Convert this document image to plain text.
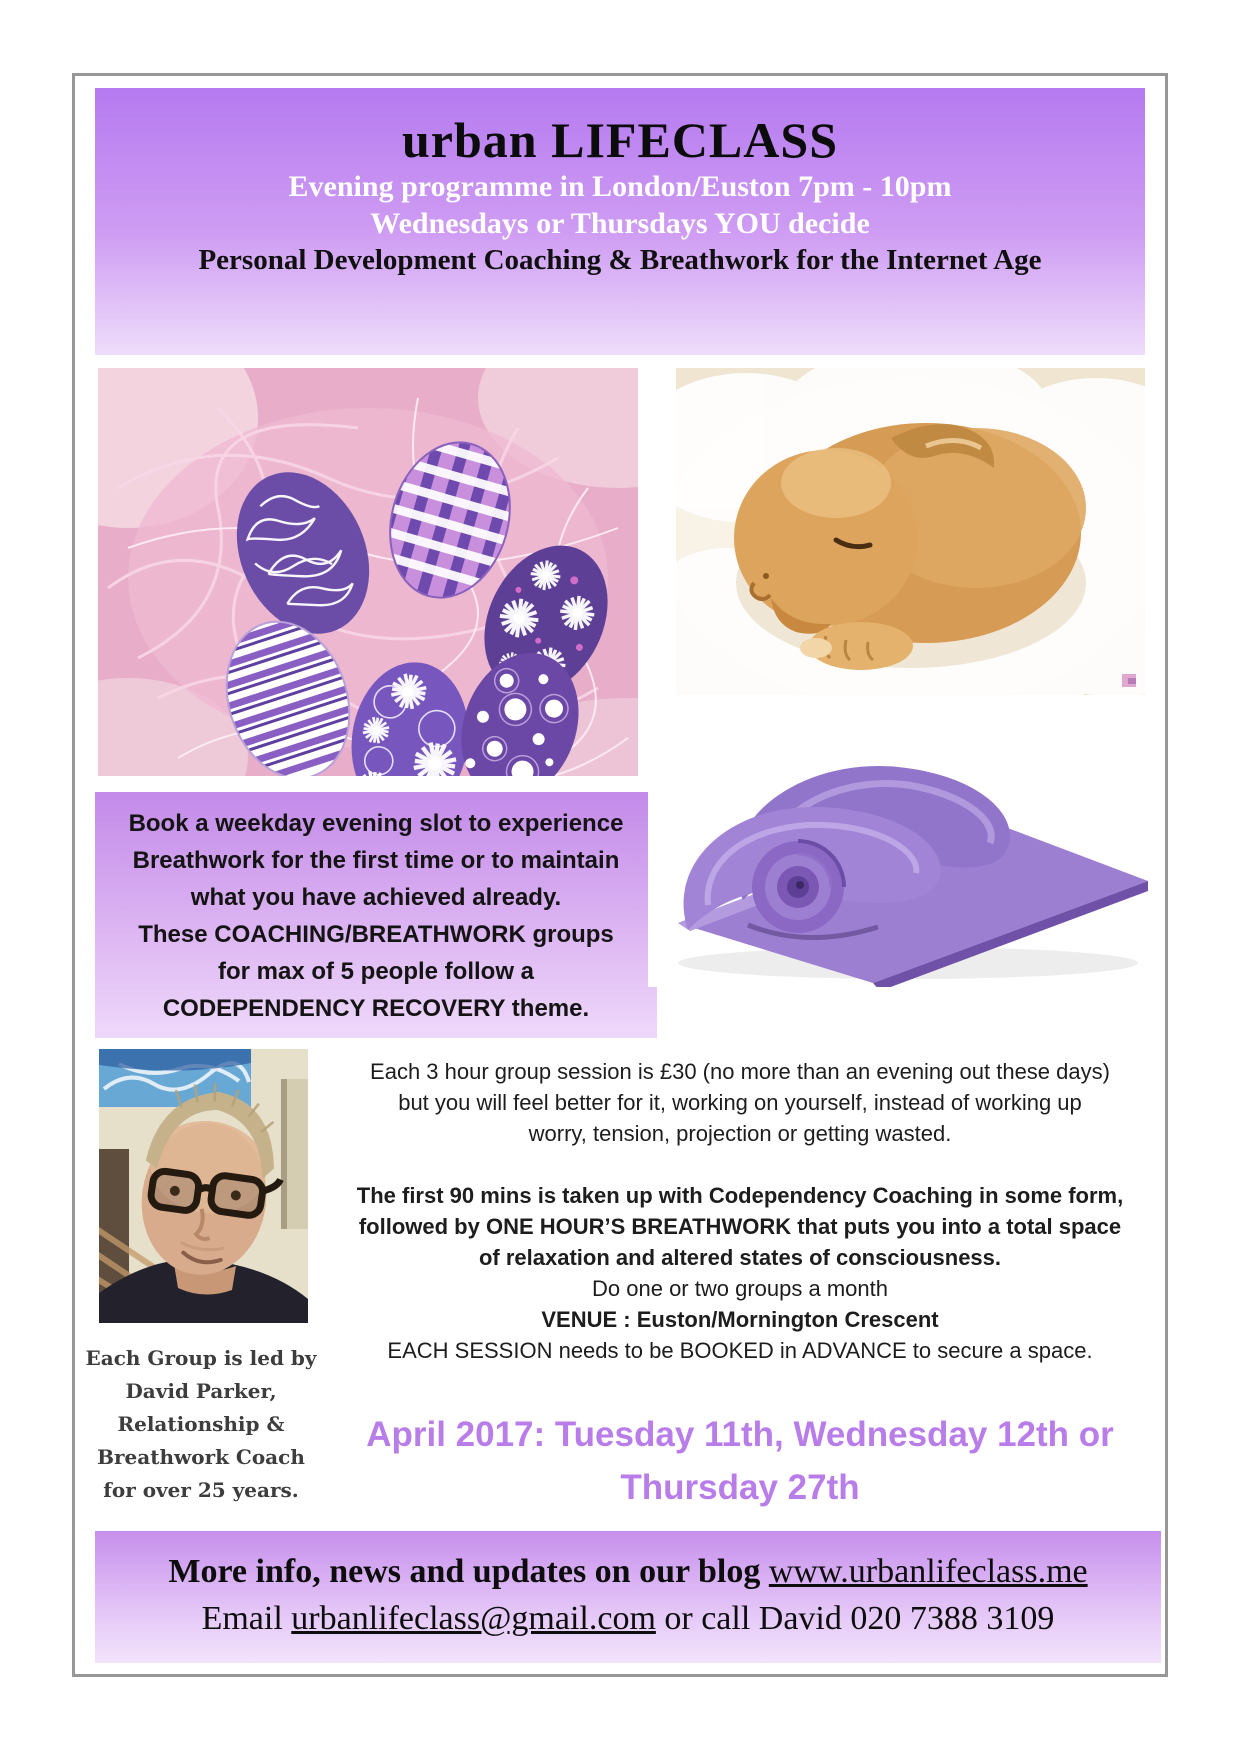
urban LIFECLASS
Evening programme in London/Euston 7pm - 10pm
Wednesdays or Thursdays YOU decide
Personal Development Coaching & Breathwork for the Internet Age
Book a weekday evening slot to experience
Breathwork for the first time or to maintain
what you have achieved already.
These COACHING/BREATHWORK groups
for max of 5 people follow a
CODEPENDENCY RECOVERY theme.
Each 3 hour group session is £30 (no more than an evening out these days)
but you will feel better for it, working on yourself, instead of working up
worry, tension, projection or getting wasted.
The first 90 mins is taken up with Codependency Coaching in some form,
followed by ONE HOUR’S BREATHWORK that puts you into a total space
of relaxation and altered states of consciousness.
Do one or two groups a month
VENUE : Euston/Mornington Crescent
EACH SESSION needs to be BOOKED in ADVANCE to secure a space.
April 2017: Tuesday 11th, Wednesday 12th or
Thursday 27th
Each Group is led by
David Parker,
Relationship &
Breathwork Coach
for over 25 years.
More info, news and updates on our blog www.urbanlifeclass.me
Email urbanlifeclass@gmail.com or call David 020 7388 3109
